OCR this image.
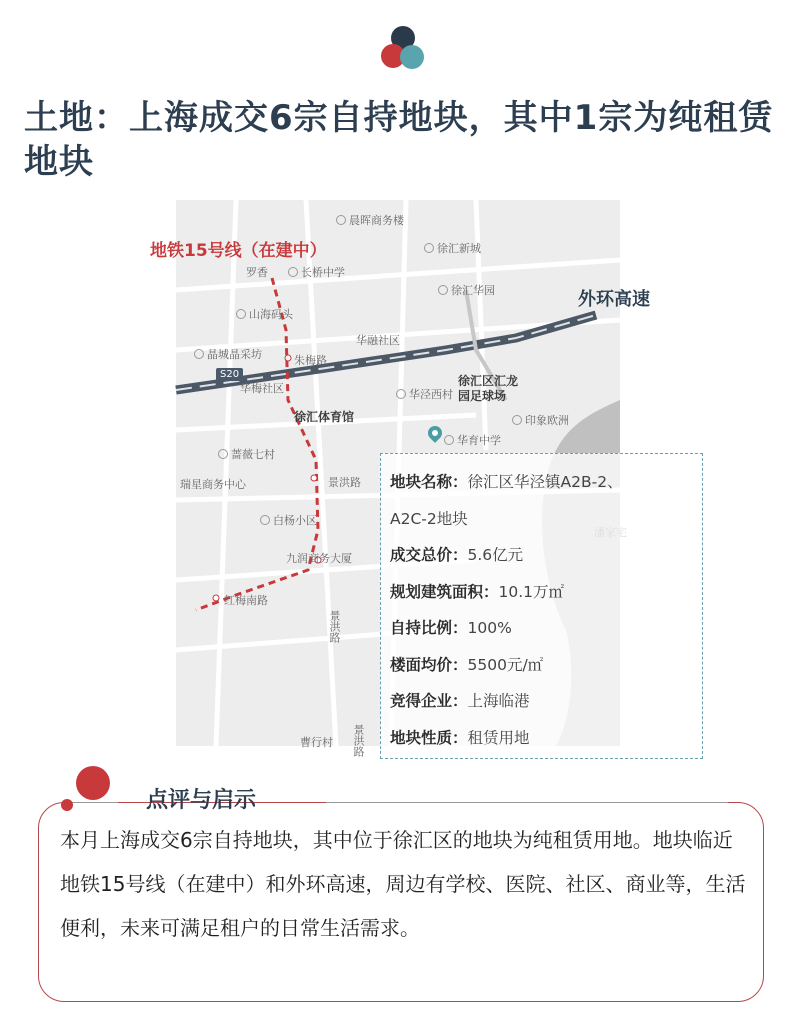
土地：上海成交6宗自持地块，其中1宗为纯租赁地块
S20
晨晖商务楼
徐汇新城
罗香	长桥中学
徐汇华园
山海码头
华融社区
晶城晶采坊	朱梅路
华泾西村
徐汇区汇龙园足球场
华梅社区
印象欧洲
徐汇体育馆
华育中学
蔷薇七村
瑞星商务中心	景洪路
白杨小区
九润商务大厦
红梅南路
景洪路
曹行村 景洪路
地铁15号线（在建中）
外环高速
地块名称：徐汇区华泾镇A2B-2、
A2C-2地块
成交总价：5.6亿元
规划建筑面积：10.1万㎡
自持比例：100%
楼面均价：5500元/㎡
竞得企业：上海临港
地块性质：租赁用地
点评与启示

本月上海成交6宗自持地块，其中位于徐汇区的地块为纯租赁用地。地块临近地铁15号线（在建中）和外环高速，周边有学校、医院、社区、商业等，生活便利，未来可满足租户的日常生活需求。
